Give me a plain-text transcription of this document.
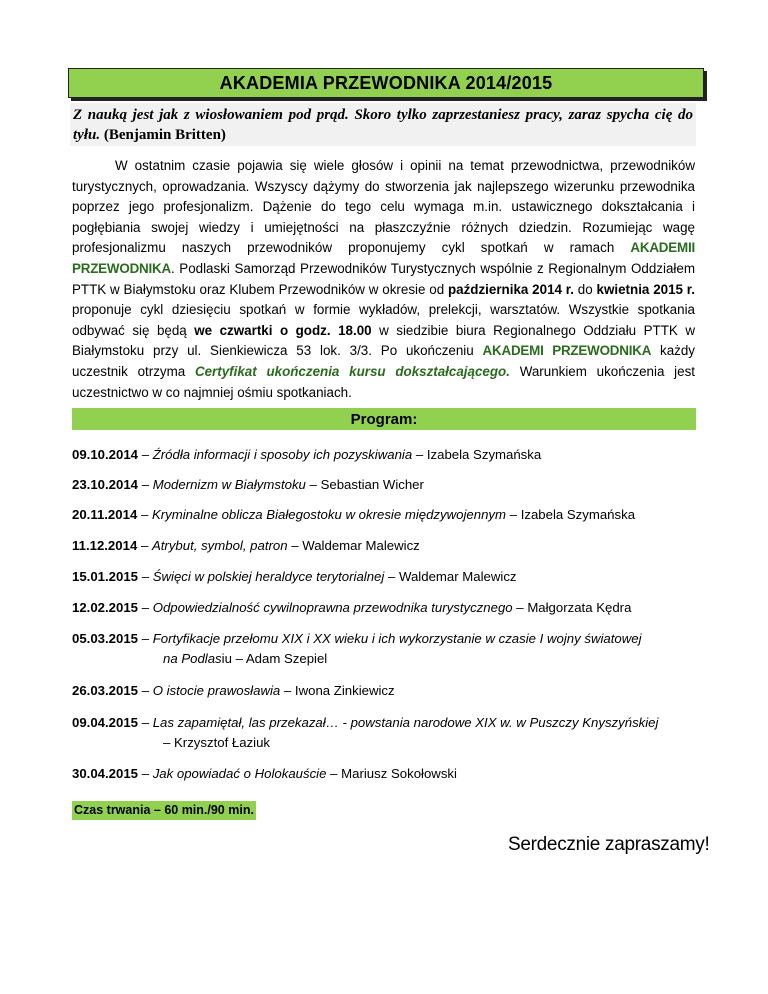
AKADEMIA PRZEWODNIKA 2014/2015
Z nauką jest jak z wiosłowaniem pod prąd. Skoro tylko zaprzestaniesz pracy, zaraz spycha cię do tyłu. (Benjamin Britten)
W ostatnim czasie pojawia się wiele głosów i opinii na temat przewodnictwa, przewodników turystycznych, oprowadzania. Wszyscy dążymy do stworzenia jak najlepszego wizerunku przewodnika poprzez jego profesjonalizm. Dążenie do tego celu wymaga m.in. ustawicznego dokształcania i pogłębiania swojej wiedzy i umiejętności na płaszczyźnie różnych dziedzin. Rozumiejąc wagę profesjonalizmu naszych przewodników proponujemy cykl spotkań w ramach AKADEMII PRZEWODNIKA. Podlaski Samorząd Przewodników Turystycznych wspólnie z Regionalnym Oddziałem PTTK w Białymstoku oraz Klubem Przewodników w okresie od października 2014 r. do kwietnia 2015 r. proponuje cykl dziesięciu spotkań w formie wykładów, prelekcji, warsztatów. Wszystkie spotkania odbywać się będą we czwartki o godz. 18.00 w siedzibie biura Regionalnego Oddziału PTTK w Białymstoku przy ul. Sienkiewicza 53 lok. 3/3. Po ukończeniu AKADEMI PRZEWODNIKA każdy uczestnik otrzyma Certyfikat ukończenia kursu dokształcającego. Warunkiem ukończenia jest uczestnictwo w co najmniej ośmiu spotkaniach.
Program:
09.10.2014 – Źródła informacji i sposoby ich pozyskiwania – Izabela Szymańska
23.10.2014 – Modernizm w Białymstoku – Sebastian Wicher
20.11.2014 – Kryminalne oblicza Białegostoku w okresie międzywojennym – Izabela Szymańska
11.12.2014 – Atrybut, symbol, patron – Waldemar Malewicz
15.01.2015 – Święci w polskiej heraldyce terytorialnej – Waldemar Malewicz
12.02.2015 – Odpowiedzialność cywilnoprawna przewodnika turystycznego – Małgorzata Kędra
05.03.2015 – Fortyfikacje przełomu XIX i XX wieku i ich wykorzystanie w czasie I wojny światowej
na Podlasiu – Adam Szepiel
26.03.2015 – O istocie prawosławia – Iwona Zinkiewicz
09.04.2015 – Las zapamiętał, las przekazał… - powstania narodowe XIX w. w Puszczy Knyszyńskiej
– Krzysztof Łaziuk
30.04.2015 – Jak opowiadać o Holokauście – Mariusz Sokołowski
Czas trwania – 60 min./90 min.
Serdecznie zapraszamy!
